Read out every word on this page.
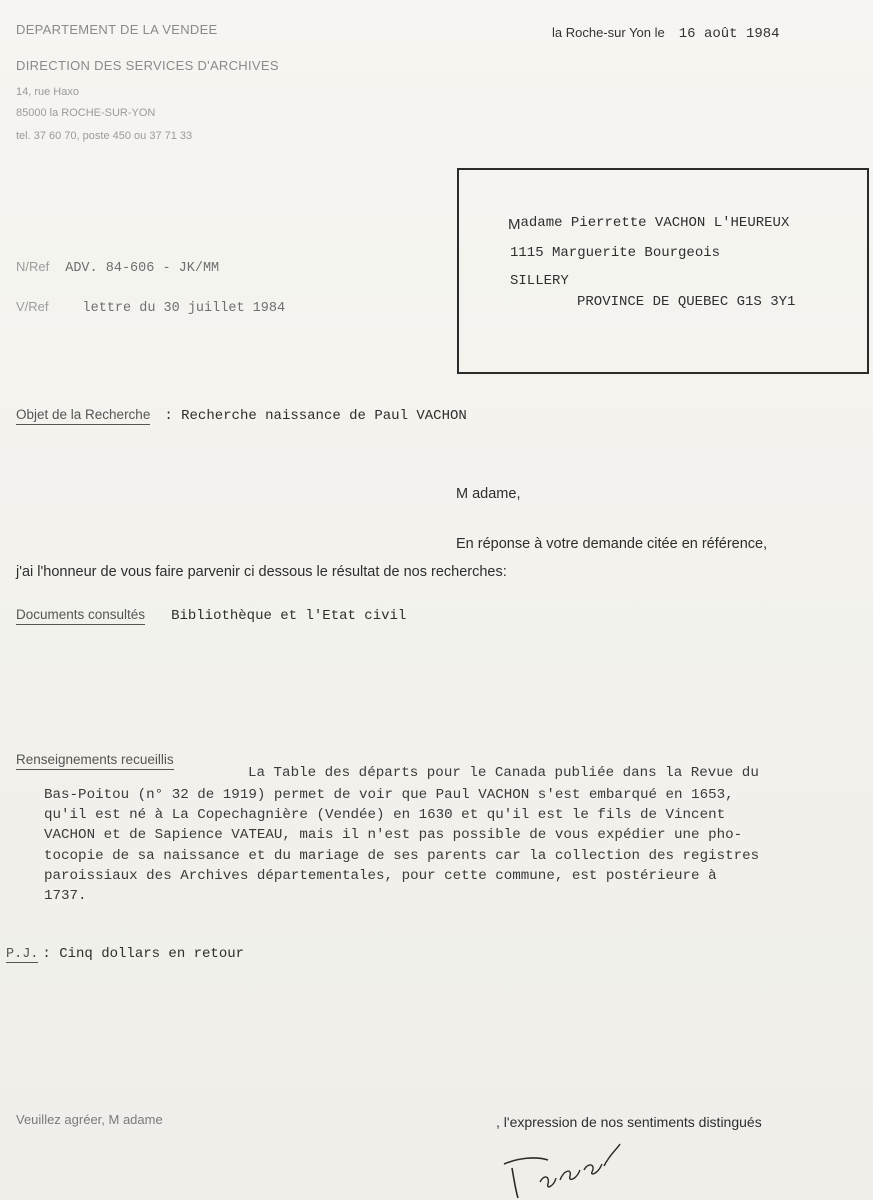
DEPARTEMENT DE LA VENDEE
DIRECTION DES SERVICES D'ARCHIVES
14, rue Haxo
85000 la ROCHE-SUR-YON
tel. 37 60 70, poste 450 ou 37 71 33
la Roche-sur Yon le 16 août 1984
N/Ref ADV. 84-606 - JK/MM
V/Ref	lettre du 30 juillet 1984
Madame Pierrette VACHON L'HEUREUX
1115 Marguerite Bourgeois
SILLERY
PROVINCE DE QUEBEC G1S 3Y1
Objet de la Recherche : Recherche naissance de Paul VACHON
M adame,
En réponse à votre demande citée en référence,
j'ai l'honneur de vous faire parvenir ci dessous le résultat de nos recherches:
Documents consultés Bibliothèque et l'Etat civil
Renseignements recueillis
La Table des départs pour le Canada publiée dans la Revue du
Bas-Poitou (n° 32 de 1919) permet de voir que Paul VACHON s'est embarqué en 1653,
qu'il est né à La Copechagnière (Vendée) en 1630 et qu'il est le fils de Vincent
VACHON et de Sapience VATEAU, mais il n'est pas possible de vous expédier une pho-
tocopie de sa naissance et du mariage de ses parents car la collection des registres
paroissiaux des Archives départementales, pour cette commune, est postérieure à
1737.
P.J. : Cinq dollars en retour
Veuillez agréer, M adame	, l'expression de nos sentiments distingués
